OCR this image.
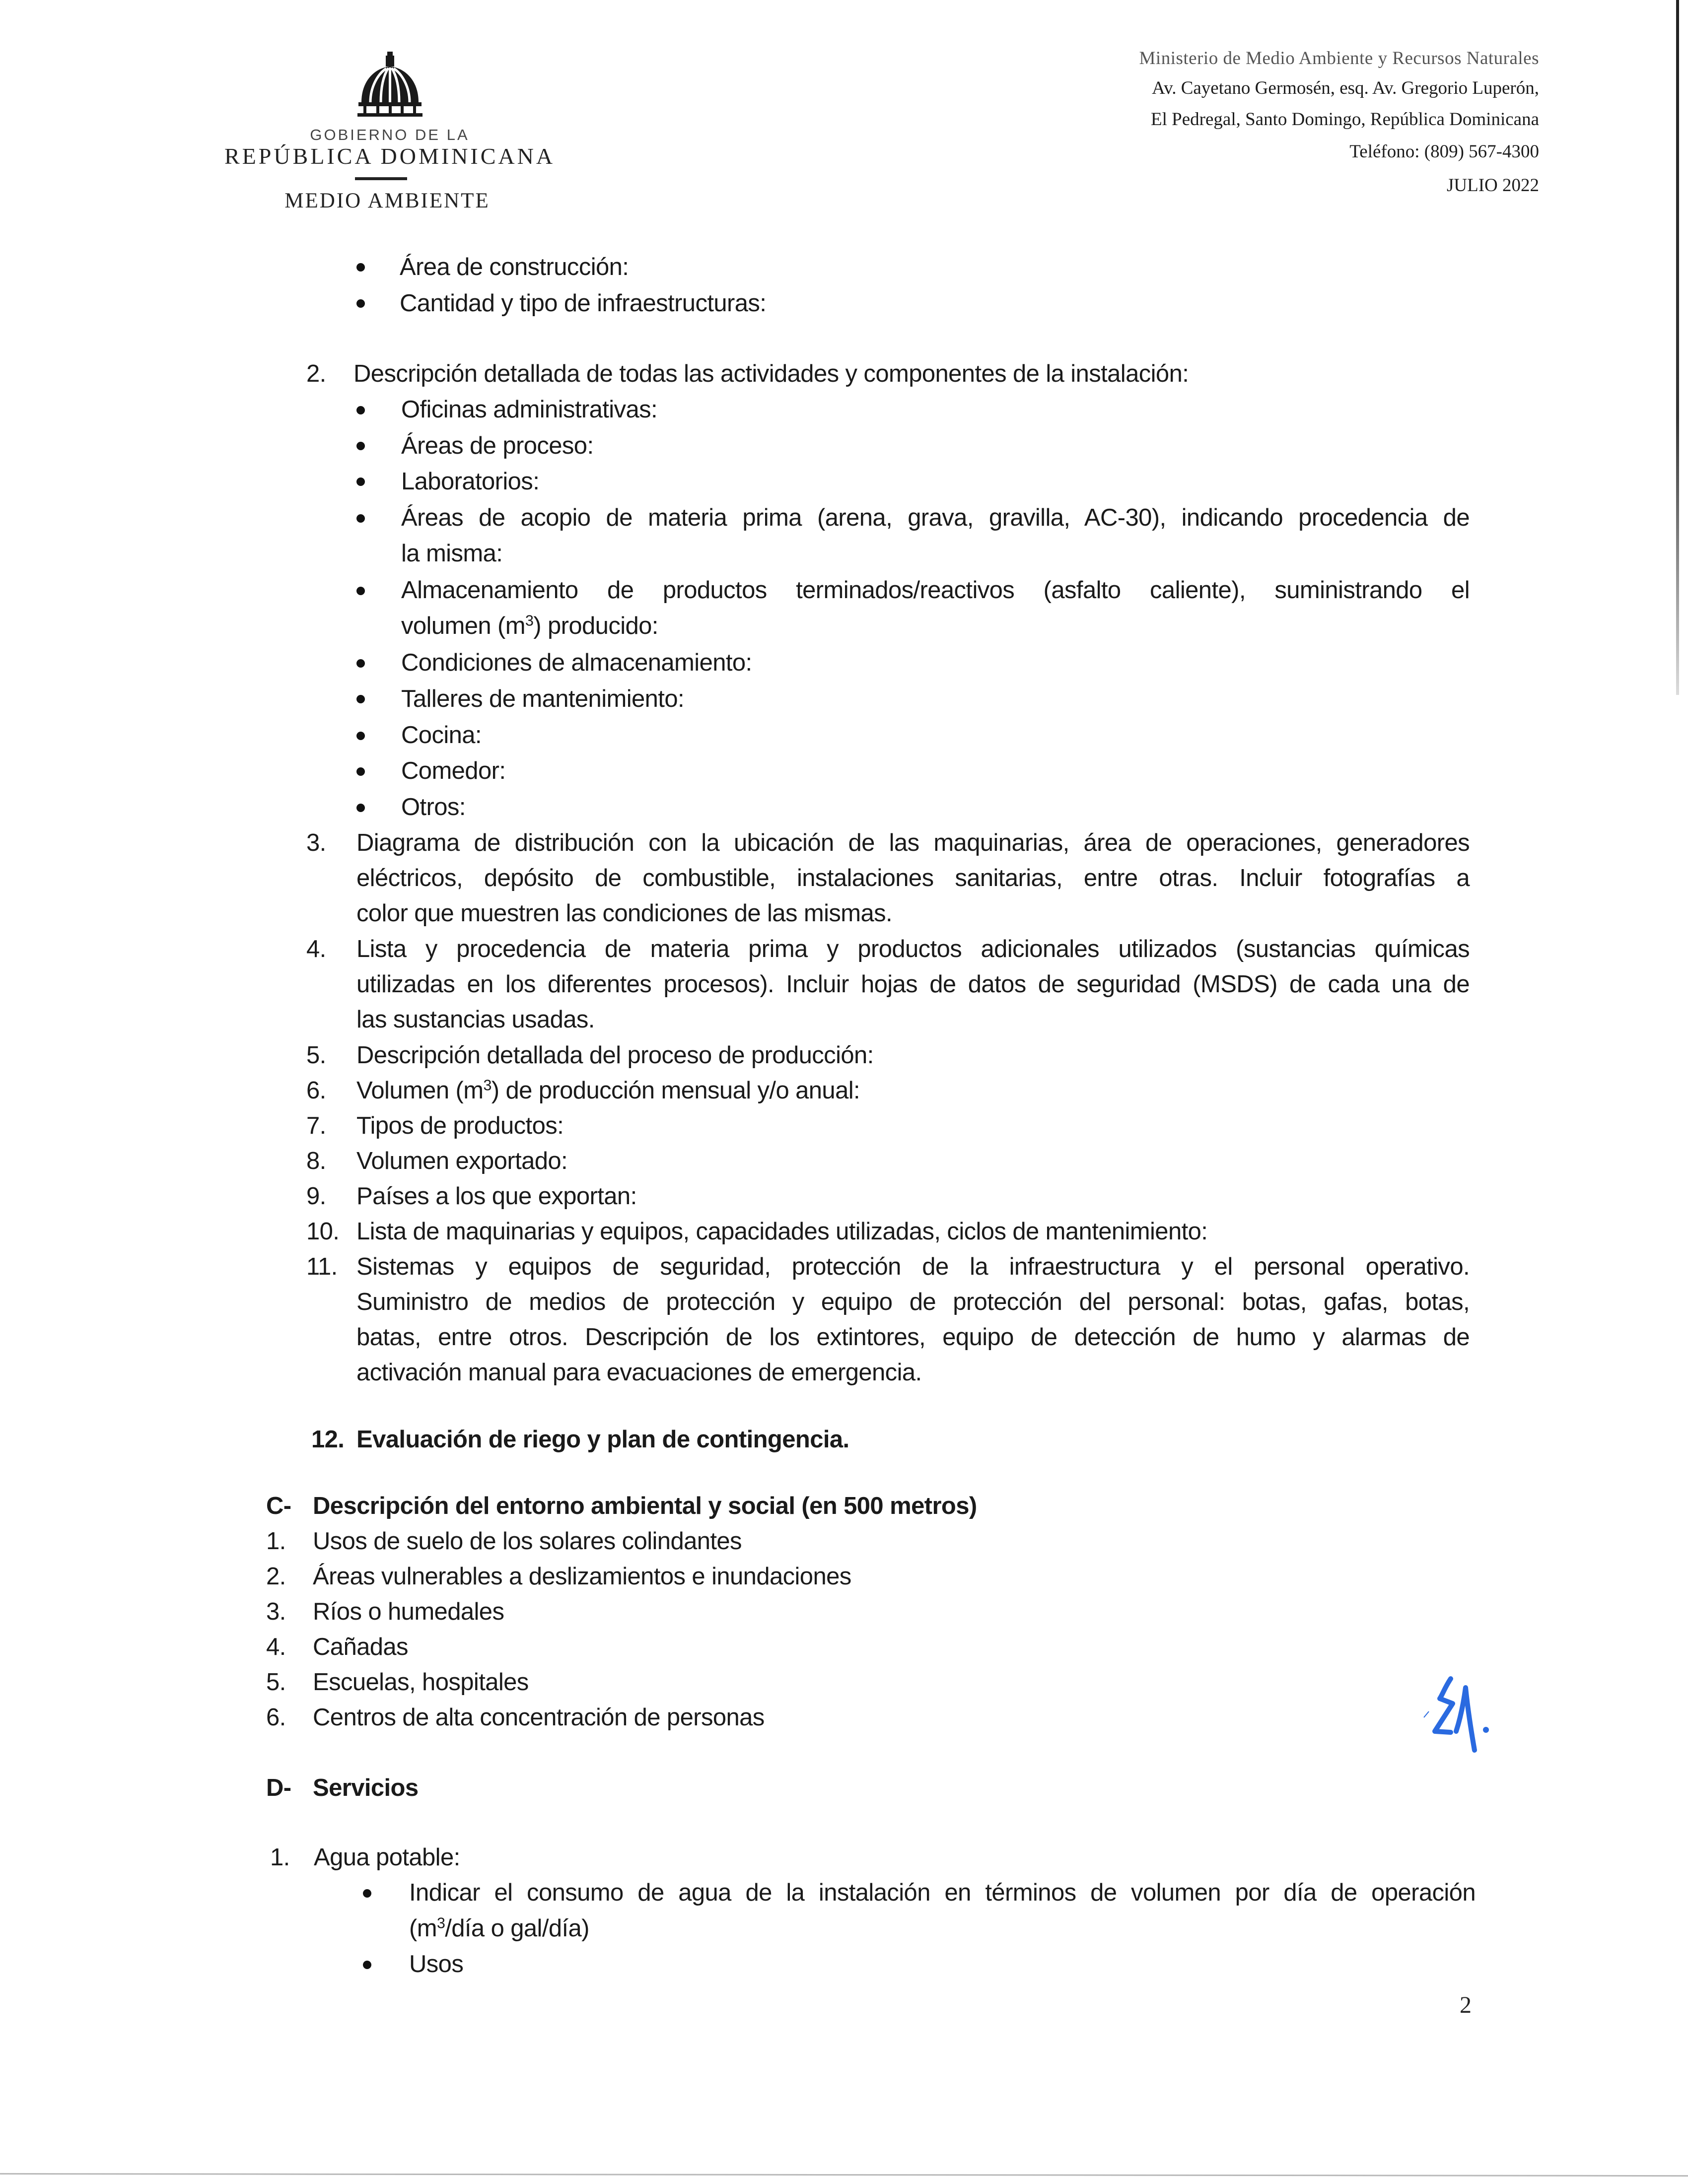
GOBIERNO DE LA
REPÚBLICA DOMINICANA
MEDIO AMBIENTE
Ministerio de Medio Ambiente y Recursos Naturales
Av. Cayetano Germosén, esq. Av. Gregorio Luperón,
El Pedregal, Santo Domingo, República Dominicana
Teléfono: (809) 567-4300
JULIO 2022
Área de construcción:
Cantidad y tipo de infraestructuras:
2. Descripción detallada de todas las actividades y componentes de la instalación:
Oficinas administrativas:
Áreas de proceso:
Laboratorios:
Áreas de acopio de materia prima (arena, grava, gravilla, AC-30), indicando procedencia de
la misma:
Almacenamiento de productos terminados/reactivos (asfalto caliente), suministrando el
volumen $(m^3)$ producido:
Condiciones de almacenamiento:
Talleres de mantenimiento:
Cocina:
Comedor:
Otros:
3. Diagrama de distribución con la ubicación de las maquinarias, área de operaciones, generadores
eléctricos, depósito de combustible, instalaciones sanitarias, entre otras. Incluir fotografías a
color que muestren las condiciones de las mismas.
4. Lista y procedencia de materia prima y productos adicionales utilizados (sustancias químicas
utilizadas en los diferentes procesos). Incluir hojas de datos de seguridad (MSDS) de cada una de
las sustancias usadas.
5. Descripción detallada del proceso de producción:
6. Volumen $(m^3)$ de producción mensual y/o anual:
7. Tipos de productos:
8. Volumen exportado:
9. Países a los que exportan:
10. Lista de maquinarias y equipos, capacidades utilizadas, ciclos de mantenimiento:
11. Sistemas y equipos de seguridad, protección de la infraestructura y el personal operativo.
Suministro de medios de protección y equipo de protección del personal: botas, gafas, botas,
batas, entre otros. Descripción de los extintores, equipo de detección de humo y alarmas de
activación manual para evacuaciones de emergencia.
12. Evaluación de riego y plan de contingencia.
C- Descripción del entorno ambiental y social (en 500 metros)
1. Usos de suelo de los solares colindantes
2. Áreas vulnerables a deslizamientos e inundaciones
3. Ríos o humedales
4. Cañadas
5. Escuelas, hospitales
6. Centros de alta concentración de personas
D- Servicios
1. Agua potable:
Indicar el consumo de agua de la instalación en términos de volumen por día de operación
($m^3$/día o gal/día)
Usos
2
